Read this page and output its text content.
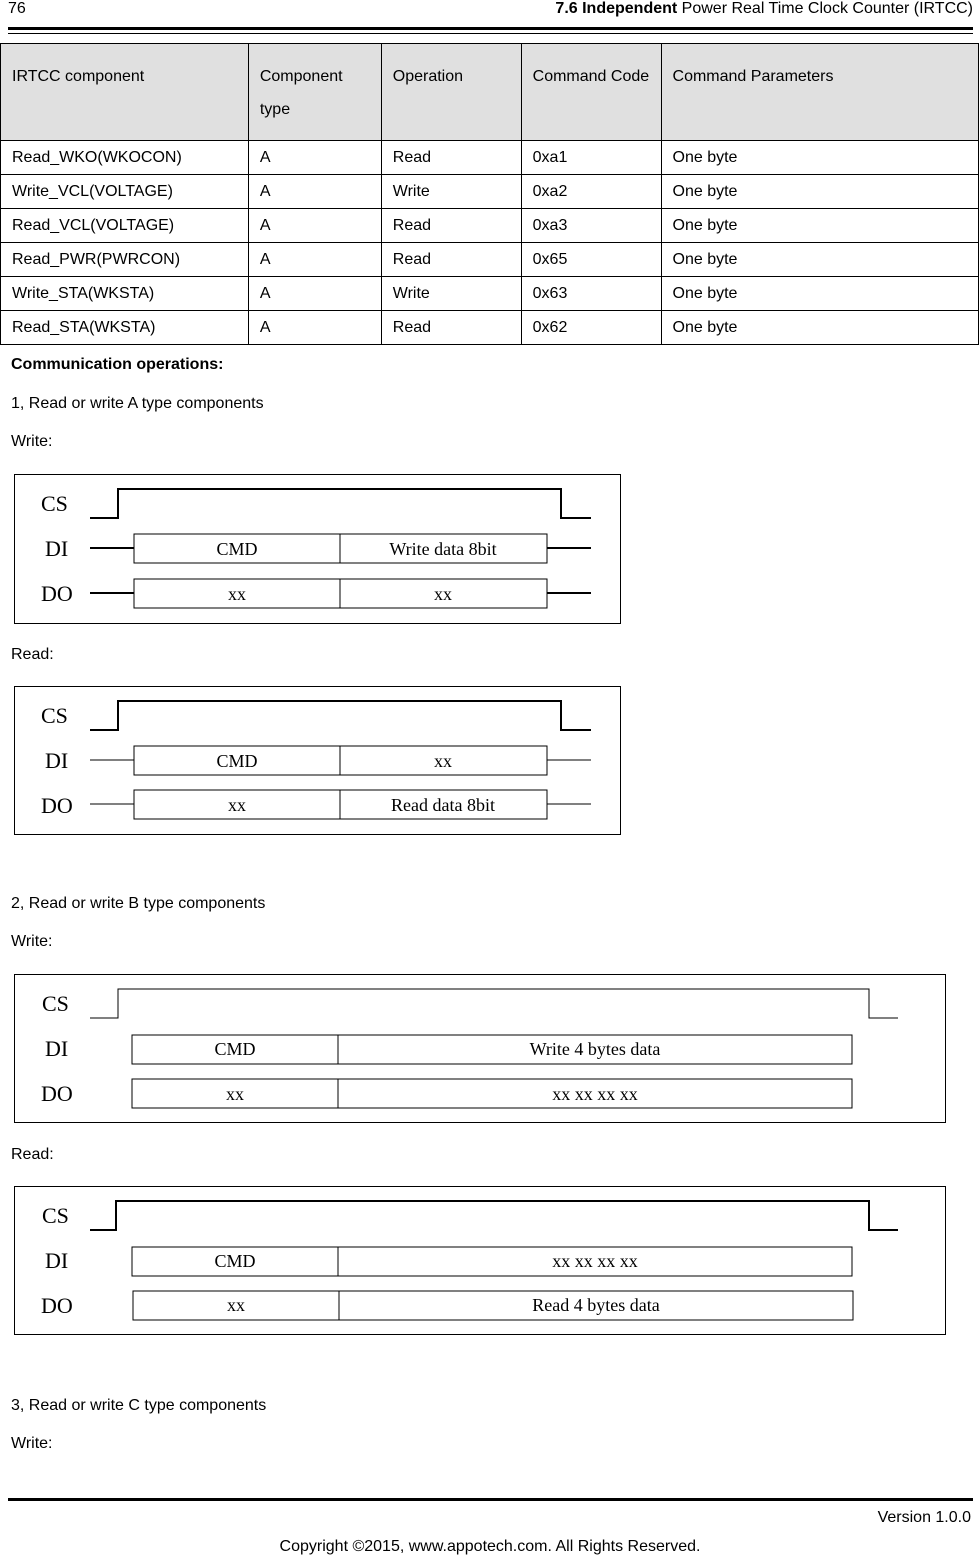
76	7.6 Independent Power Real Time Clock Counter (IRTCC)
IRTCC component	Component type	Operation	Command Code	Command Parameters
Read_WKO(WKOCON)	A	Read	0xa1	One byte
Write_VCL(VOLTAGE)	A	Write	0xa2	One byte
Read_VCL(VOLTAGE)	A	Read	0xa3	One byte
Read_PWR(PWRCON)	A	Read	0x65	One byte
Write_STA(WKSTA)	A	Write	0x63	One byte
Read_STA(WKSTA)	A	Read	0x62	One byte
Communication operations:
1, Read or write A type components
Write:
CS
DI
DO
CMD	Write data 8bit
xx	xx
Read:
CS
DI
DO
CMD	xx
xx	Read data 8bit
2, Read or write B type components
Write:
CS
DI
DO
CMD	Write 4 bytes data
xx	xx xx xx xx
Read:
CS
DI
DO
CMD	xx xx xx xx
xx	Read 4 bytes data
3, Read or write C type components
Write:
Version 1.0.0
Copyright ©2015, www.appotech.com. All Rights Reserved.
